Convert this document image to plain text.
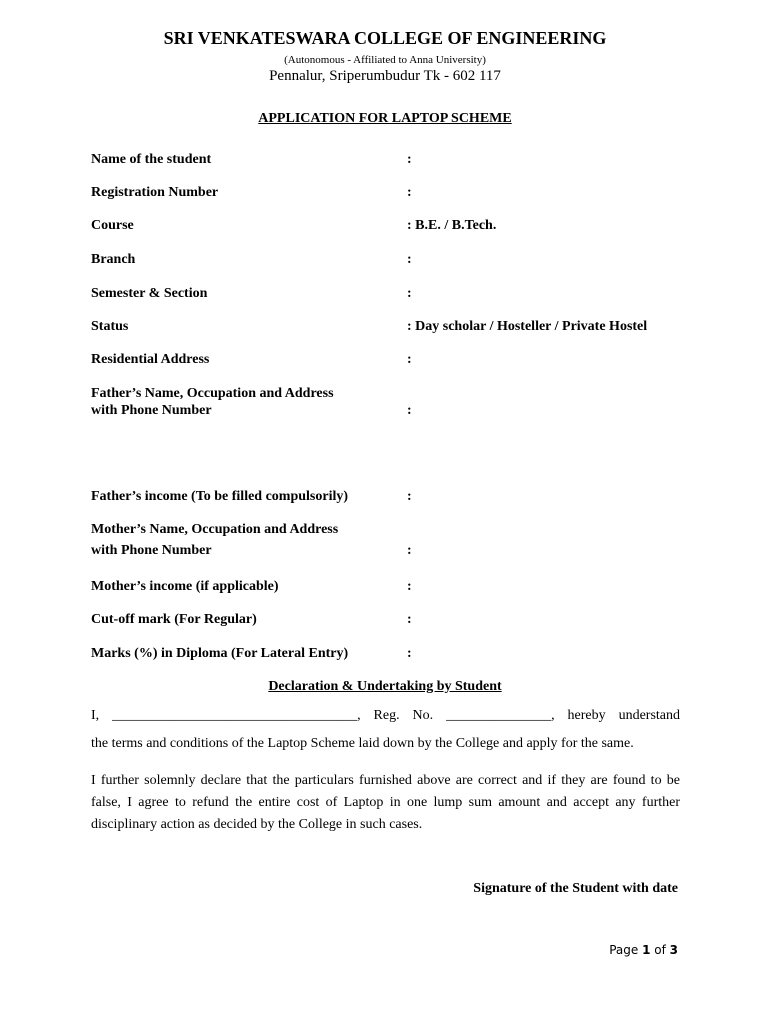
SRI VENKATESWARA COLLEGE OF ENGINEERING
(Autonomous - Affiliated to Anna University)
Pennalur, Sriperumbudur Tk - 602 117
APPLICATION FOR LAPTOP SCHEME
Name of the student	:
Registration Number	:
Course	: B.E. / B.Tech.
Branch	:
Semester & Section	:
Status	: Day scholar / Hosteller / Private Hostel
Residential Address	:
Father’s Name, Occupation and Address
with Phone Number	:
Father’s income (To be filled compulsorily)	:
Mother’s Name, Occupation and Address
with Phone Number	:
Mother’s income (if applicable)	:
Cut-off mark (For Regular)	:
Marks (%) in Diploma (For Lateral Entry)	:
Declaration & Undertaking by Student
I, ___________________________________, Reg. No. _______________, hereby understand
the terms and conditions of the Laptop Scheme laid down by the College and apply for the same.
I further solemnly declare that the particulars furnished above are correct and if they are found to be false, I agree to refund the entire cost of Laptop in one lump sum amount and accept any further disciplinary action as decided by the College in such cases.
Signature of the Student with date
Page 1 of 3
